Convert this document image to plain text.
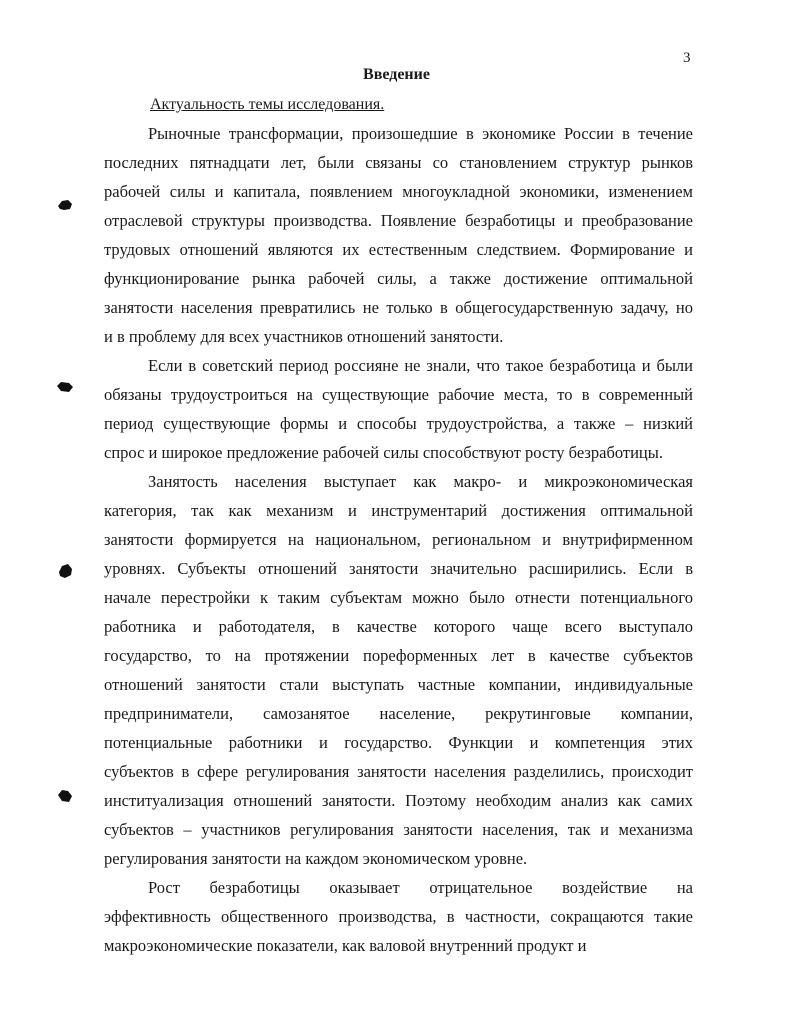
3
Введение
Актуальность темы исследования.
Рыночные трансформации, произошедшие в экономике России в течение
последних пятнадцати лет, были связаны со становлением структур рынков
рабочей силы и капитала, появлением многоукладной экономики, изменением
отраслевой структуры производства. Появление безработицы и преобразование
трудовых отношений являются их естественным следствием. Формирование и
функционирование рынка рабочей силы, а также достижение оптимальной
занятости населения превратились не только в общегосударственную задачу, но
и в проблему для всех участников отношений занятости.
Если в советский период россияне не знали, что такое безработица и были
обязаны трудоустроиться на существующие рабочие места, то в современный
период существующие формы и способы трудоустройства, а также – низкий
спрос и широкое предложение рабочей силы способствуют росту безработицы.
Занятость населения выступает как макро- и микроэкономическая
категория, так как механизм и инструментарий достижения оптимальной
занятости формируется на национальном, региональном и внутрифирменном
уровнях. Субъекты отношений занятости значительно расширились. Если в
начале перестройки к таким субъектам можно было отнести потенциального
работника и работодателя, в качестве которого чаще всего выступало
государство, то на протяжении пореформенных лет в качестве субъектов
отношений занятости стали выступать частные компании, индивидуальные
предприниматели, самозанятое население, рекрутинговые компании,
потенциальные работники и государство. Функции и компетенция этих
субъектов в сфере регулирования занятости населения разделились, происходит
институализация отношений занятости. Поэтому необходим анализ как самих
субъектов – участников регулирования занятости населения, так и механизма
регулирования занятости на каждом экономическом уровне.
Рост безработицы оказывает отрицательное воздействие на
эффективность общественного производства, в частности, сокращаются такие
макроэкономические показатели, как валовой внутренний продукт и
